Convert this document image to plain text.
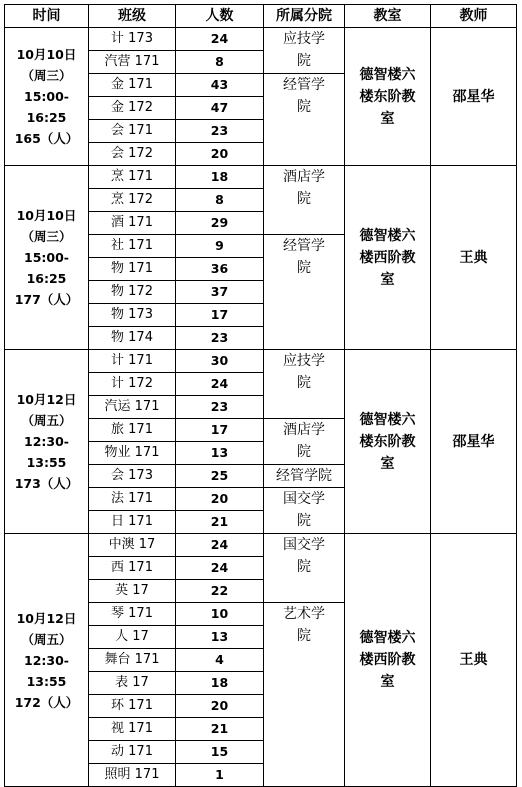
时间	班级	人数	所属分院	教室	教师

10月10日
（周三）
15:00-16:25
165（人）	计 173	24	应技学院	德智楼六楼东阶教室	邵星华
	汽营 171	8			
	金 171	43	经管学院		
	金 172	47			
	会 171	23			
	会 172	20			

10月10日
（周三）
15:00-16:25
177（人）	烹 171	18	酒店学院	德智楼六楼西阶教室	王典
	烹 172	8			
	酒 171	29			
	社 171	9	经管学院		
	物 171	36			
	物 172	37			
	物 173	17			
	物 174	23			

10月12日
（周五）
12:30-13:55
173（人）	计 171	30	应技学院	德智楼六楼东阶教室	邵星华
	计 172	24			
	汽运 171	23			
	旅 171	17	酒店学院		
	物业 171	13			
	会 173	25	经管学院		
	法 171	20	国交学院		
	日 171	21			

10月12日
（周五）
12:30-13:55
172（人）	中澳 17	24	国交学院	德智楼六楼西阶教室	王典
	西 171	24			
	英 17	22			
	琴 171	10	艺术学院		
	人 17	13			
	舞台 171	4			
	表 17	18			
	环 171	20			
	视 171	21			
	动 171	15			
	照明 171	1			
